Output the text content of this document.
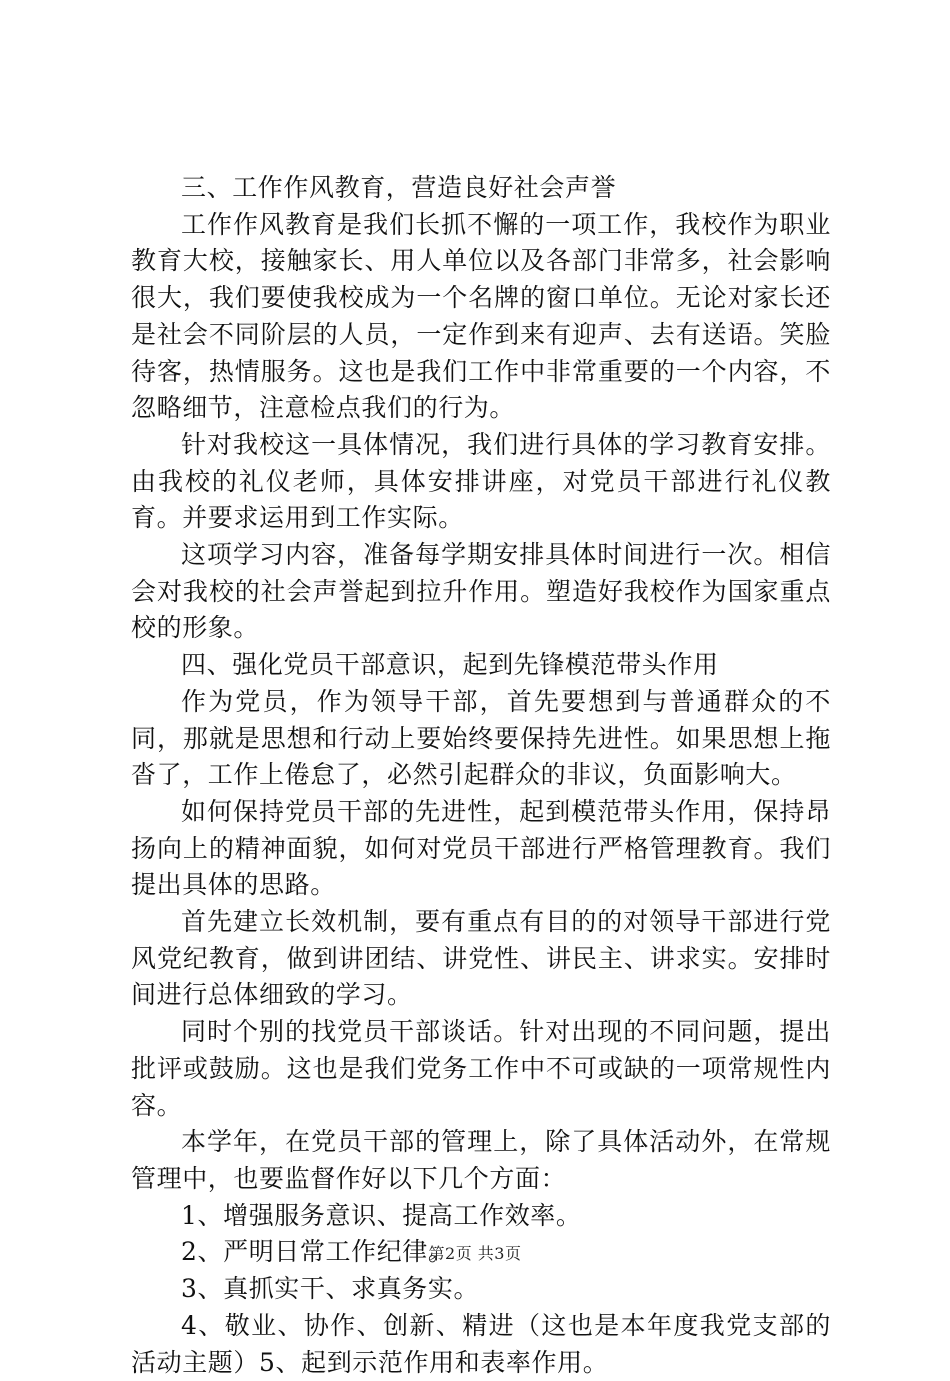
三、工作作风教育，营造良好社会声誉

工作作风教育是我们长抓不懈的一项工作，我校作为职业教育大校，接触家长、用人单位以及各部门非常多，社会影响很大，我们要使我校成为一个名牌的窗口单位。无论对家长还是社会不同阶层的人员，一定作到来有迎声、去有送语。笑脸待客，热情服务。这也是我们工作中非常重要的一个内容，不忽略细节，注意检点我们的行为。

针对我校这一具体情况，我们进行具体的学习教育安排。由我校的礼仪老师，具体安排讲座，对党员干部进行礼仪教育。并要求运用到工作实际。

这项学习内容，准备每学期安排具体时间进行一次。相信会对我校的社会声誉起到拉升作用。塑造好我校作为国家重点校的形象。

四、强化党员干部意识，起到先锋模范带头作用

作为党员，作为领导干部，首先要想到与普通群众的不同，那就是思想和行动上要始终要保持先进性。如果思想上拖沓了，工作上倦怠了，必然引起群众的非议，负面影响大。

如何保持党员干部的先进性，起到模范带头作用，保持昂扬向上的精神面貌，如何对党员干部进行严格管理教育。我们提出具体的思路。

首先建立长效机制，要有重点有目的的对领导干部进行党风党纪教育，做到讲团结、讲党性、讲民主、讲求实。安排时间进行总体细致的学习。

同时个别的找党员干部谈话。针对出现的不同问题，提出批评或鼓励。这也是我们党务工作中不可或缺的一项常规性内容。

本学年，在党员干部的管理上，除了具体活动外，在常规管理中，也要监督作好以下几个方面：

1、增强服务意识、提高工作效率。

2、严明日常工作纪律。

3、真抓实干、求真务实。

4、敬业、协作、创新、精进（这也是本年度我党支部的活动主题）5、起到示范作用和表率作用。

第2页 共3页
